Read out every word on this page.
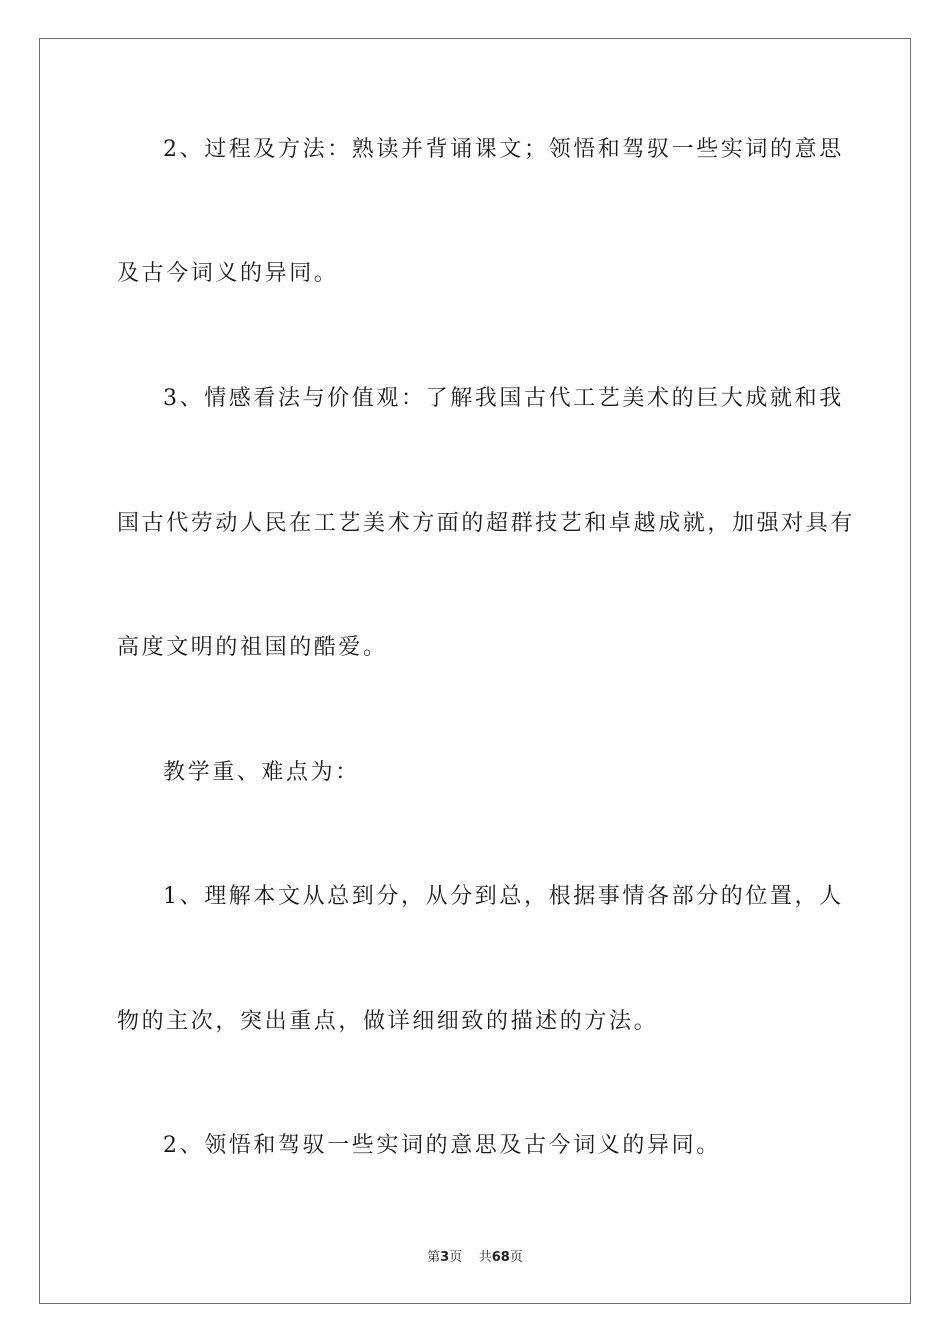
2、过程及方法：熟读并背诵课文；领悟和驾驭一些实词的意思
及古今词义的异同。
3、情感看法与价值观：了解我国古代工艺美术的巨大成就和我
国古代劳动人民在工艺美术方面的超群技艺和卓越成就，加强对具有
高度文明的祖国的酷爱。
教学重、难点为：
1、理解本文从总到分，从分到总，根据事情各部分的位置，人
物的主次，突出重点，做详细细致的描述的方法。
2、领悟和驾驭一些实词的意思及古今词义的异同。
第3页 共68页
